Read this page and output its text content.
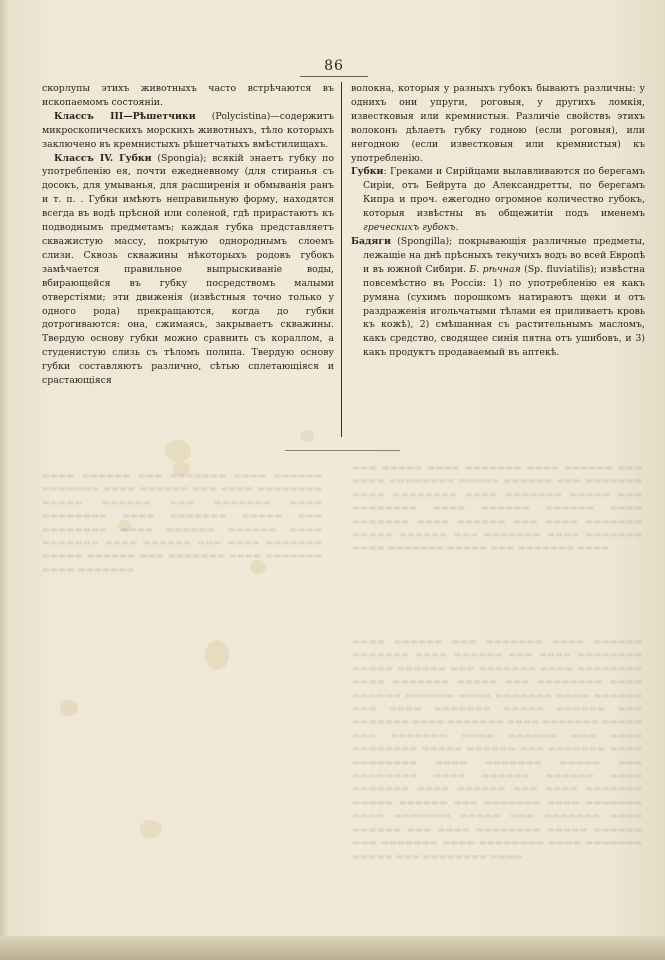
86

скорлупы этихъ животныхъ часто встрѣчаются въ ископаемомъ состоянiи.

Классъ III—Рѣшетчики (Polycistina)—содержитъ микроскопическихъ морскихъ животныхъ, тѣло которыхъ заключено въ кремнистыхъ рѣшетчатыхъ вмѣстилищахъ.

Классъ IV. Губки (Spongia); всякiй знаетъ губку по употребленiю ея, почти ежедневному (для стиранья съ досокъ, для умыванья, для расширенiя и обмыванiя ранъ и т. п. . Губки имѣютъ неправильную форму, находятся всегда въ водѣ прѣсной или соленой, гдѣ прирастаютъ къ подводнымъ предметамъ; каждая губка представляетъ скважистую массу, покрытую однороднымъ слоемъ слизи. Сквозь скважины нѣкоторыхъ родовъ губокъ замѣчается правильное выпрыскиванiе воды, вбирающейся въ губку посредствомъ малыми отверстiями; эти движенiя (извѣстныя точно только у одного рода) прекращаются, когда до губки дотрогиваются: она, сжимаясь, закрываетъ скважины. Твердую основу губки можно сравнить съ кораллом, а студенистую слизь съ тѣломъ полипа. Твердую основу губки составляютъ различно, сѣтью сплетающiяся и срастающiяся

волокна, которыя у разныхъ губокъ бываютъ различны: у однихъ они упруги, роговыя, у другихъ ломкiя, известковыя или кремнистыя. Различiе свойствъ этихъ волоконъ дѣлаетъ губку годною (если роговыя), или негодною (если известковыя или кремнистыя) къ употребленiю.

Губки: Греками и Сирiйцами вылавливаются по берегамъ Сирiи, отъ Бейрута до Александретты, по берегамъ Кипра и проч. ежегодно огромное количество губокъ, которыя извѣстны въ общежитiи подъ именемъ греческихъ губокъ.

Бадяги (Spongilla); покрывающiя различные предметы, лежащiе на днѣ прѣсныхъ текучихъ водъ во всей Европѣ и въ южной Сибири. Б. рѣчная (Sp. fluviatilis); извѣстна повсемѣстно въ Россiи: 1) по употребленiю ея какъ румяна (сухимъ порошкомъ натираютъ щеки и отъ раздраженiя игольчатыми тѣлами ея приливаетъ кровь къ кожѣ), 2) смѣшанная съ растительнымъ масломъ, какъ средство, сводящее синiя пятна отъ ушибовъ, и 3) какъ продуктъ продаваемый въ аптекѣ.

▬▬▬ ▬▬▬▬▬ ▬▬▬▬ ▬▬▬▬▬▬▬ ▬▬▬▬ ▬▬▬▬▬▬ ▬▬▬ ▬▬▬▬ ▬▬▬▬▬▬▬▬ ▬▬▬▬▬ ▬▬▬▬▬▬ ▬▬▬ ▬▬▬▬▬▬▬ ▬▬▬▬ ▬▬▬▬▬▬▬▬ ▬▬▬▬ ▬▬▬▬▬▬▬ ▬▬▬▬▬ ▬▬▬ ▬▬▬▬▬▬▬▬ ▬▬▬▬ ▬▬▬▬▬▬ ▬▬▬▬▬▬ ▬▬▬▬ ▬▬▬▬▬▬▬ ▬▬▬▬ ▬▬▬▬▬▬ ▬▬▬ ▬▬▬▬ ▬▬▬▬▬▬▬ ▬▬▬▬▬ ▬▬▬▬▬▬ ▬▬▬ ▬▬▬▬▬▬▬ ▬▬▬▬ ▬▬▬▬▬▬▬ ▬▬▬▬ ▬▬▬▬▬▬▬ ▬▬▬▬▬ ▬▬▬ ▬▬▬▬▬▬▬ ▬▬▬▬

▬▬▬▬ ▬▬▬▬▬▬ ▬▬▬ ▬▬▬▬▬▬▬ ▬▬▬▬ ▬▬▬▬▬▬ ▬▬▬▬▬▬▬ ▬▬▬▬ ▬▬▬▬▬▬ ▬▬▬ ▬▬▬▬ ▬▬▬▬▬▬▬▬ ▬▬▬▬▬ ▬▬▬▬▬▬ ▬▬▬ ▬▬▬▬▬▬▬ ▬▬▬▬ ▬▬▬▬▬▬▬▬ ▬▬▬▬ ▬▬▬▬▬▬▬ ▬▬▬▬▬ ▬▬▬ ▬▬▬▬▬▬▬▬ ▬▬▬▬ ▬▬▬▬▬▬ ▬▬▬▬▬▬ ▬▬▬▬ ▬▬▬▬▬▬▬ ▬▬▬▬ ▬▬▬▬▬▬ ▬▬▬ ▬▬▬▬ ▬▬▬▬▬▬▬ ▬▬▬▬▬ ▬▬▬▬▬▬ ▬▬▬ ▬▬▬▬▬▬▬ ▬▬▬▬ ▬▬▬▬▬▬▬ ▬▬▬▬ ▬▬▬▬▬▬▬ ▬▬▬▬▬ ▬▬▬ ▬▬▬▬▬▬▬ ▬▬▬▬ ▬▬▬▬▬▬ ▬▬▬ ▬▬▬▬ ▬▬▬▬▬▬▬▬ ▬▬▬▬▬ ▬▬▬▬▬▬ ▬▬▬ ▬▬▬▬▬▬▬ ▬▬▬▬ ▬▬▬▬▬▬▬▬ ▬▬▬▬ ▬▬▬▬▬▬▬ ▬▬▬▬▬ ▬▬▬ ▬▬▬▬▬▬▬▬ ▬▬▬▬ ▬▬▬▬▬▬ ▬▬▬▬▬▬ ▬▬▬▬ ▬▬▬▬▬▬▬ ▬▬▬▬ ▬▬▬▬▬▬ ▬▬▬ ▬▬▬▬ ▬▬▬▬▬▬▬ ▬▬▬▬▬ ▬▬▬▬▬▬ ▬▬▬ ▬▬▬▬▬▬▬ ▬▬▬▬ ▬▬▬▬▬▬▬ ▬▬▬▬ ▬▬▬▬▬▬▬ ▬▬▬▬▬ ▬▬▬ ▬▬▬▬▬▬▬ ▬▬▬▬ ▬▬▬▬▬▬ ▬▬▬ ▬▬▬▬ ▬▬▬▬▬▬▬▬ ▬▬▬▬▬ ▬▬▬▬▬▬ ▬▬▬ ▬▬▬▬▬▬▬ ▬▬▬▬ ▬▬▬▬▬▬▬▬ ▬▬▬▬ ▬▬▬▬▬▬▬ ▬▬▬▬▬ ▬▬▬ ▬▬▬▬▬▬▬▬ ▬▬▬▬

▬▬▬▬ ▬▬▬▬▬▬ ▬▬▬ ▬▬▬▬▬▬▬ ▬▬▬▬ ▬▬▬▬▬▬ ▬▬▬▬▬▬▬ ▬▬▬▬ ▬▬▬▬▬▬ ▬▬▬ ▬▬▬▬ ▬▬▬▬▬▬▬▬ ▬▬▬▬▬ ▬▬▬▬▬▬ ▬▬▬ ▬▬▬▬▬▬▬ ▬▬▬▬ ▬▬▬▬▬▬▬▬ ▬▬▬▬ ▬▬▬▬▬▬▬ ▬▬▬▬▬ ▬▬▬ ▬▬▬▬▬▬▬▬ ▬▬▬▬ ▬▬▬▬▬▬ ▬▬▬▬▬▬ ▬▬▬▬ ▬▬▬▬▬▬▬ ▬▬▬▬ ▬▬▬▬▬▬ ▬▬▬ ▬▬▬▬ ▬▬▬▬▬▬▬ ▬▬▬▬▬ ▬▬▬▬▬▬ ▬▬▬ ▬▬▬▬▬▬▬ ▬▬▬▬ ▬▬▬▬▬▬▬ ▬▬▬▬ ▬▬▬▬▬▬▬
